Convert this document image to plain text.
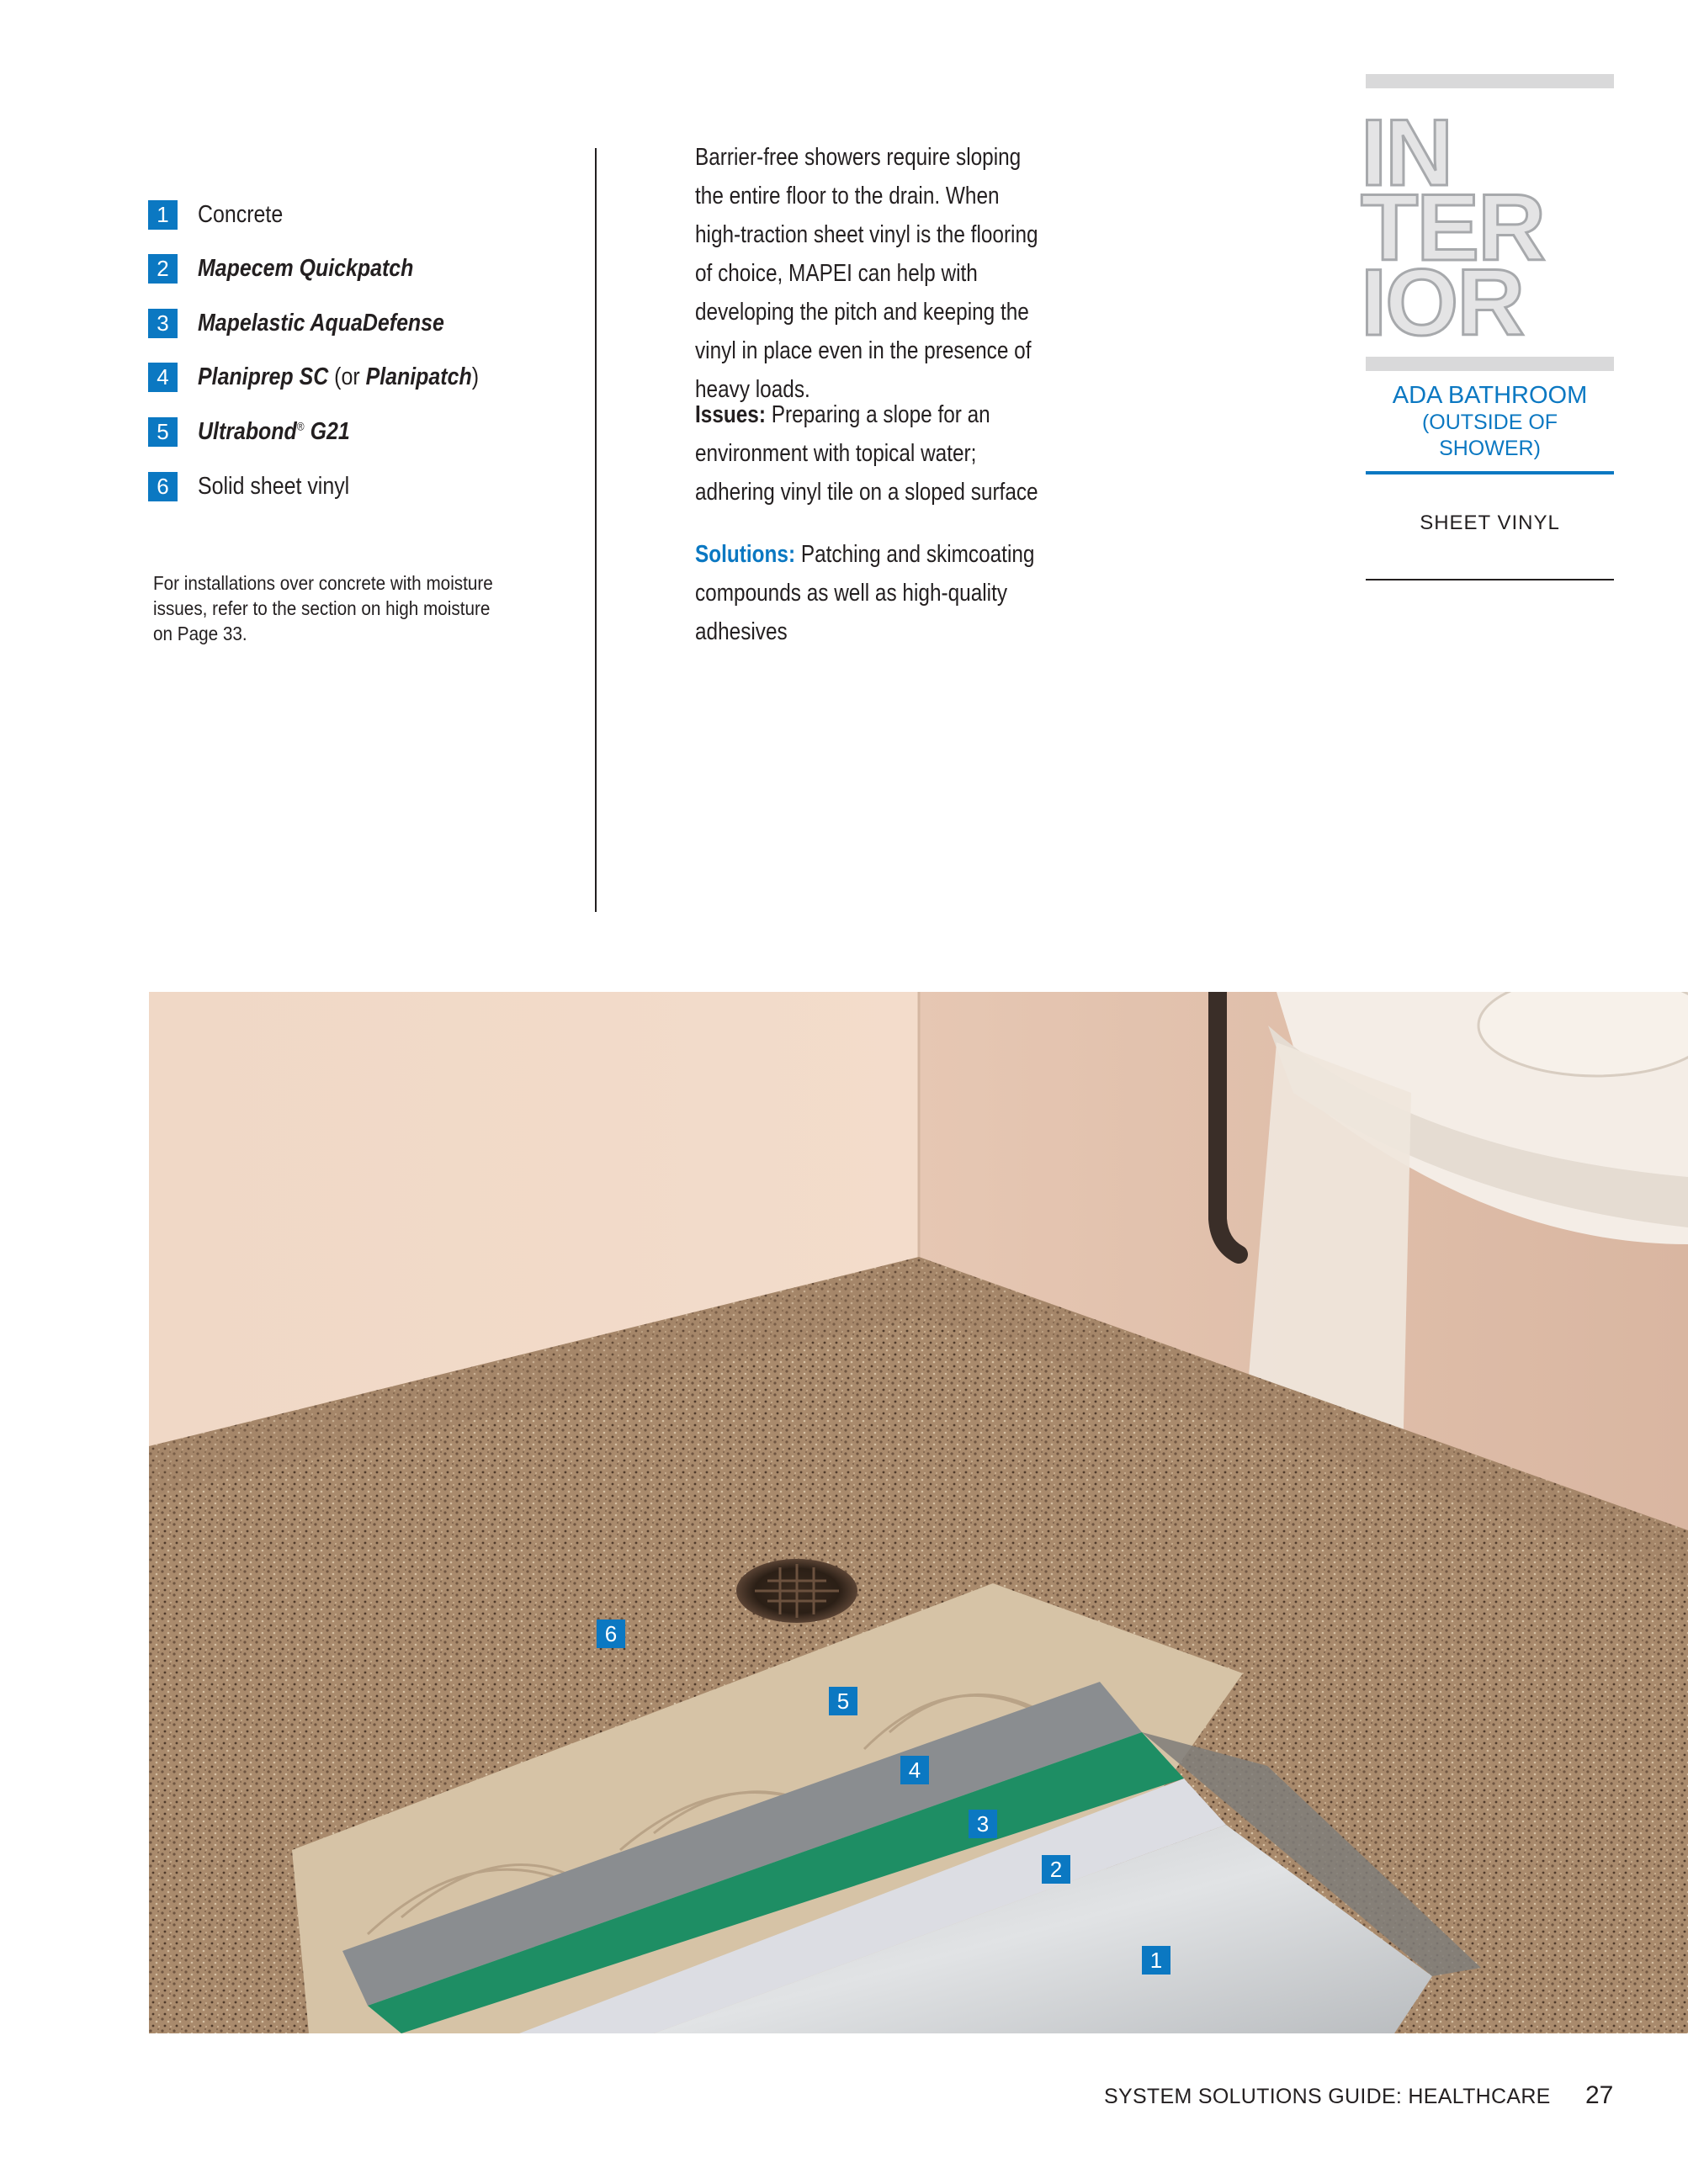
1	Concrete
2	Mapecem Quickpatch
3	Mapelastic AquaDefense
4	Planiprep SC (or Planipatch)
5	Ultrabond® G21
6	Solid sheet vinyl
For installations over concrete with moisture issues, refer to the section on high moisture on Page 33.
Barrier-free showers require sloping the entire floor to the drain. When high-traction sheet vinyl is the flooring of choice, MAPEI can help with developing the pitch and keeping the vinyl in place even in the presence of heavy loads.
Issues: Preparing a slope for an environment with topical water; adhering vinyl tile on a sloped surface
Solutions: Patching and skimcoating compounds as well as high-quality adhesives
IN
TER
IOR
ADA BATHROOM
(OUTSIDE OF
SHOWER)
SHEET VINYL
6
5
4
3
2
1
SYSTEM SOLUTIONS GUIDE: HEALTHCARE 27
